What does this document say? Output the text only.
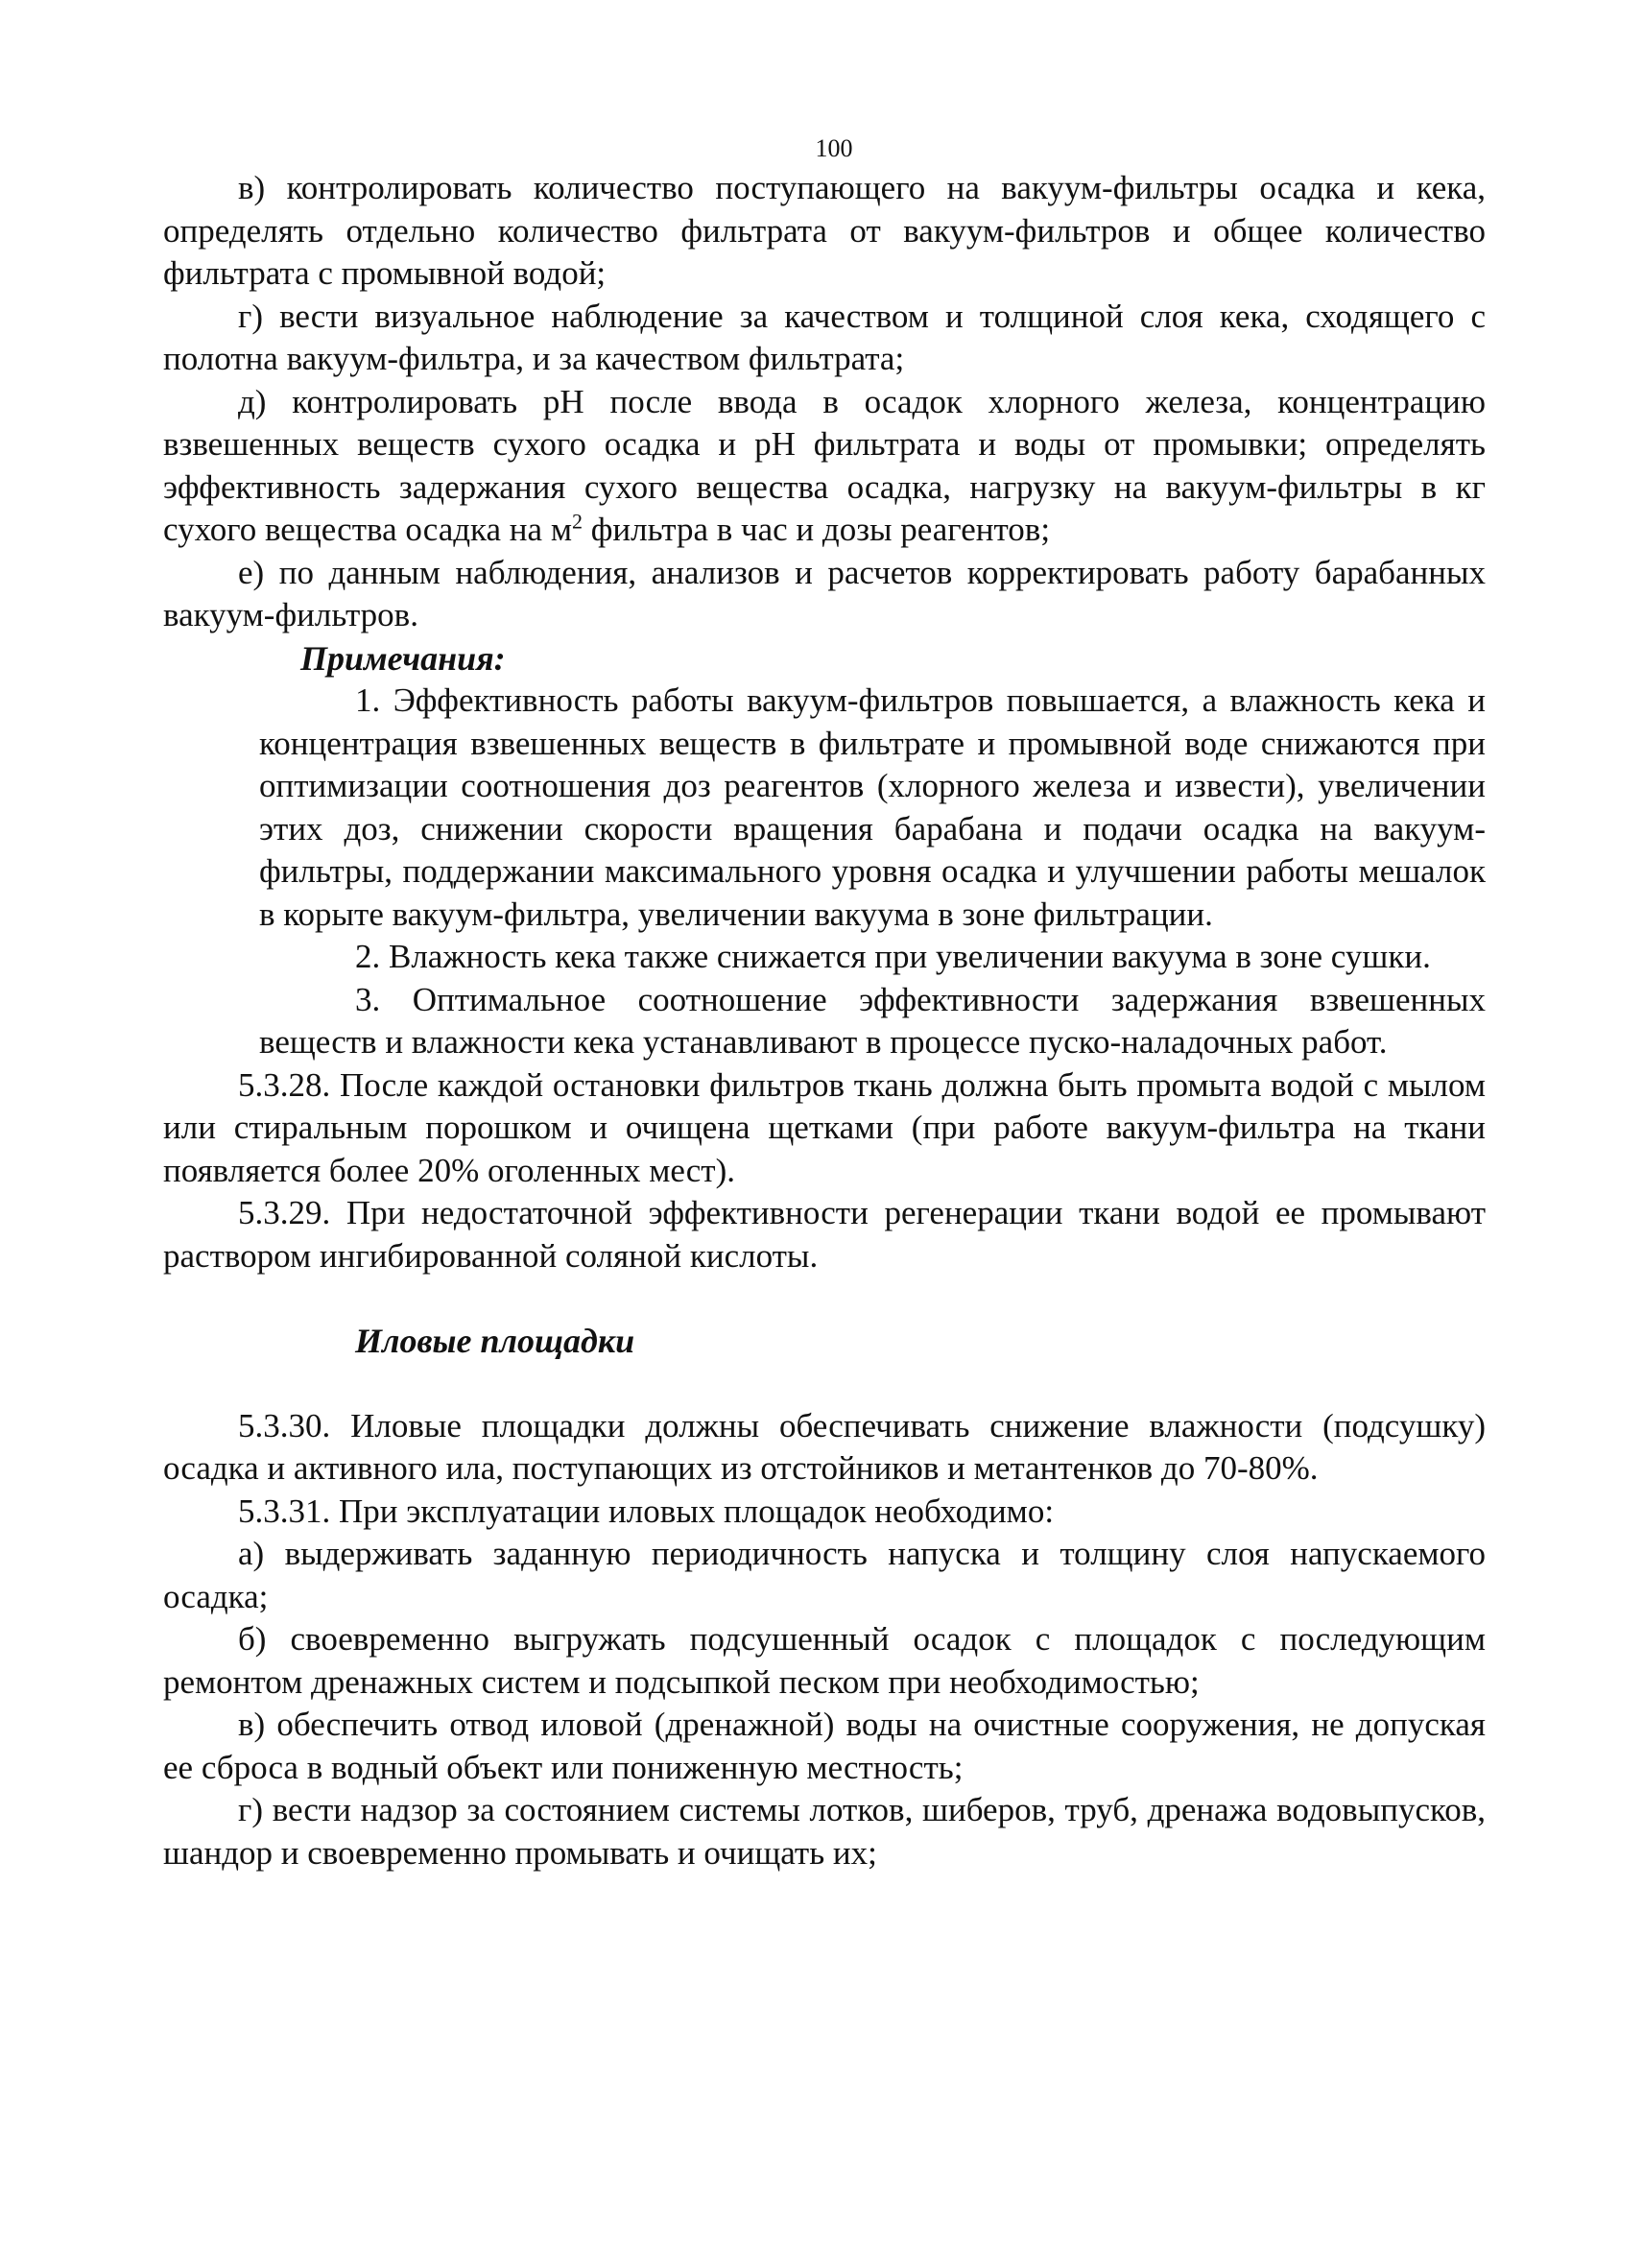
100

в) контролировать количество поступающего на вакуум-фильтры осадка и кека, определять отдельно количество фильтрата от вакуум-фильтров и общее количество фильтрата с промывной водой;

г) вести визуальное наблюдение за качеством и толщиной слоя кека, сходящего с полотна вакуум-фильтра, и за качеством фильтрата;

д) контролировать pH после ввода в осадок хлорного железа, концентрацию взвешенных веществ сухого осадка и pH фильтрата и воды от промывки; определять эффективность задержания сухого вещества осадка, нагрузку на вакуум-фильтры в кг сухого вещества осадка на $м^2$ фильтра в час и дозы реагентов;

е) по данным наблюдения, анализов и расчетов корректировать работу барабанных вакуум-фильтров.

Примечания:

1. Эффективность работы вакуум-фильтров повышается, а влажность кека и концентрация взвешенных веществ в фильтрате и промывной воде снижаются при оптимизации соотношения доз реагентов (хлорного железа и извести), увеличении этих доз, снижении скорости вращения барабана и подачи осадка на вакуум-фильтры, поддержании максимального уровня осадка и улучшении работы мешалок в корыте вакуум-фильтра, увеличении вакуума в зоне фильтрации.

2. Влажность кека также снижается при увеличении вакуума в зоне сушки.

3. Оптимальное соотношение эффективности задержания взвешенных веществ и влажности кека устанавливают в процессе пуско-наладочных работ.

5.3.28. После каждой остановки фильтров ткань должна быть промыта водой с мылом или стиральным порошком и очищена щетками (при работе вакуум-фильтра на ткани появляется более 20% оголенных мест).

5.3.29. При недостаточной эффективности регенерации ткани водой ее промывают раствором ингибированной соляной кислоты.

Иловые площадки

5.3.30. Иловые площадки должны обеспечивать снижение влажности (подсушку) осадка и активного ила, поступающих из отстойников и метантенков до 70-80%.

5.3.31. При эксплуатации иловых площадок необходимо:

а) выдерживать заданную периодичность напуска и толщину слоя напускаемого осадка;

б) своевременно выгружать подсушенный осадок с площадок с последующим ремонтом дренажных систем и подсыпкой песком при необходимостью;

в) обеспечить отвод иловой (дренажной) воды на очистные сооружения, не допуская ее сброса в водный объект или пониженную местность;

г) вести надзор за состоянием системы лотков, шиберов, труб, дренажа водовыпусков, шандор и своевременно промывать и очищать их;
